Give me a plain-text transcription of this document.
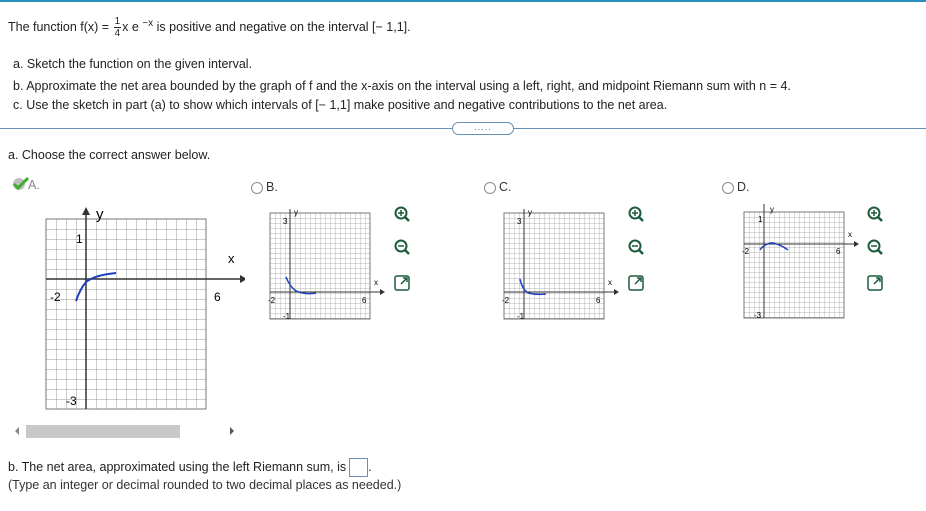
The function $f(x) = \frac{1}{4}$ x e $^{-x}$ is positive and negative on the interval [− 1,1].
a. Sketch the function on the given interval.
b. Approximate the net area bounded by the graph of f and the x-axis on the interval using a left, right, and midpoint Riemann sum with n = 4.
c. Use the sketch in part (a) to show which intervals of [− 1,1] make positive and negative contributions to the net area.
.....
a. Choose the correct answer below.
A.
y
x
1
-2	6
-3
B.
y
x
3
-2	6
-1
C.
y
x
3
-2	6
-1
D.
y
x
1
-2	6
-3
b. The net area, approximated using the left Riemann sum, is .
(Type an integer or decimal rounded to two decimal places as needed.)
